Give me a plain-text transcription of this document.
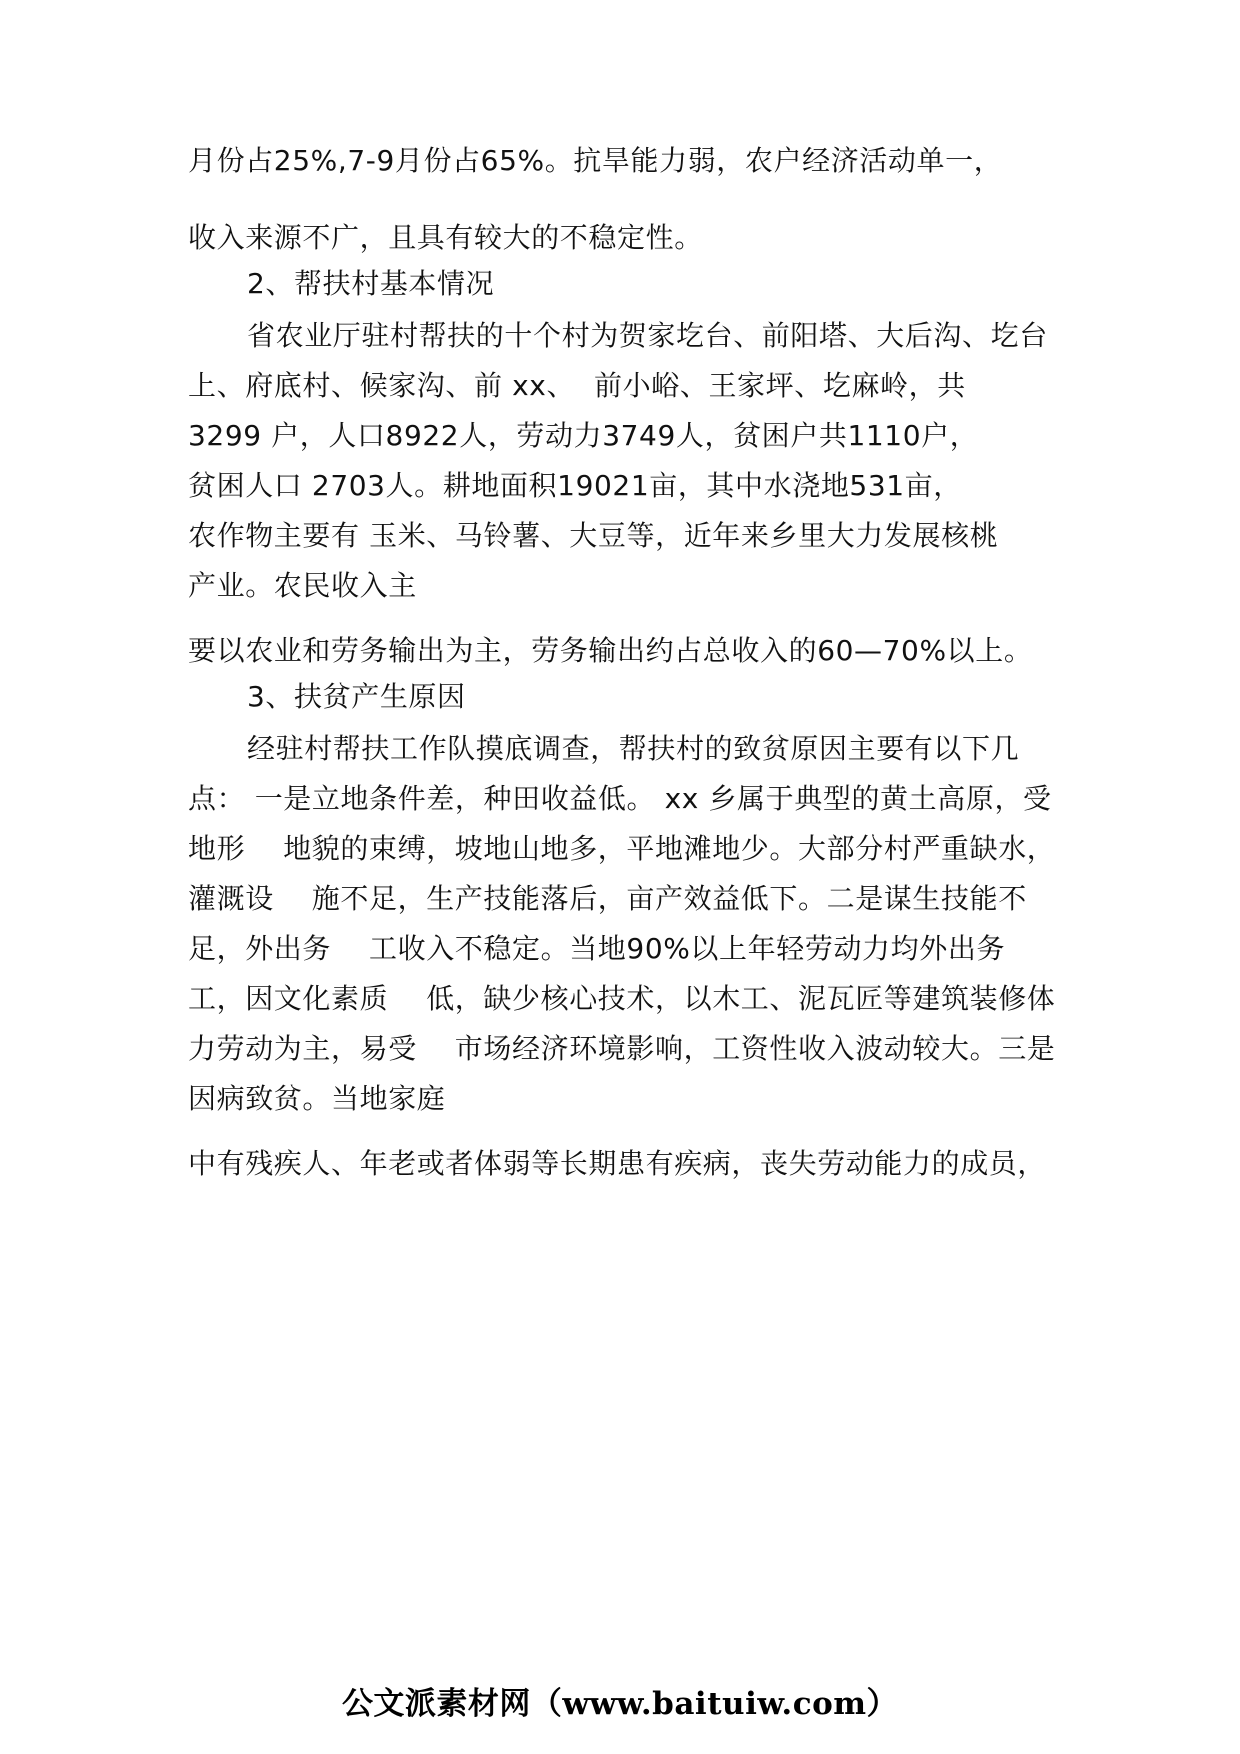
月份占25%,7-9月份占65%。抗旱能力弱，农户经济活动单一，
收入来源不广，且具有较大的不稳定性。
2、帮扶村基本情况
省农业厅驻村帮扶的十个村为贺家圪台、前阳塔、大后沟、圪台
上、府底村、候家沟、前 xx、  前小峪、王家坪、圪麻岭，共
3299 户，人口8922人，劳动力3749人，贫困户共1110户，
贫困人口 2703人。耕地面积19021亩，其中水浇地531亩，
农作物主要有 玉米、马铃薯、大豆等，近年来乡里大力发展核桃
产业。农民收入主
要以农业和劳务输出为主，劳务输出约占总收入的60—70%以上。
3、扶贫产生原因
经驻村帮扶工作队摸底调查，帮扶村的致贫原因主要有以下几
点： 一是立地条件差，种田收益低。 xx 乡属于典型的黄土高原，受
地形    地貌的束缚，坡地山地多，平地滩地少。大部分村严重缺水，
灌溉设    施不足，生产技能落后，亩产效益低下。二是谋生技能不
足，外出务    工收入不稳定。当地90%以上年轻劳动力均外出务
工，因文化素质    低，缺少核心技术，以木工、泥瓦匠等建筑装修体
力劳动为主，易受    市场经济环境影响，工资性收入波动较大。三是
因病致贫。当地家庭
中有残疾人、年老或者体弱等长期患有疾病，丧失劳动能力的成员，
公文派素材网（www.baituiw.com）
